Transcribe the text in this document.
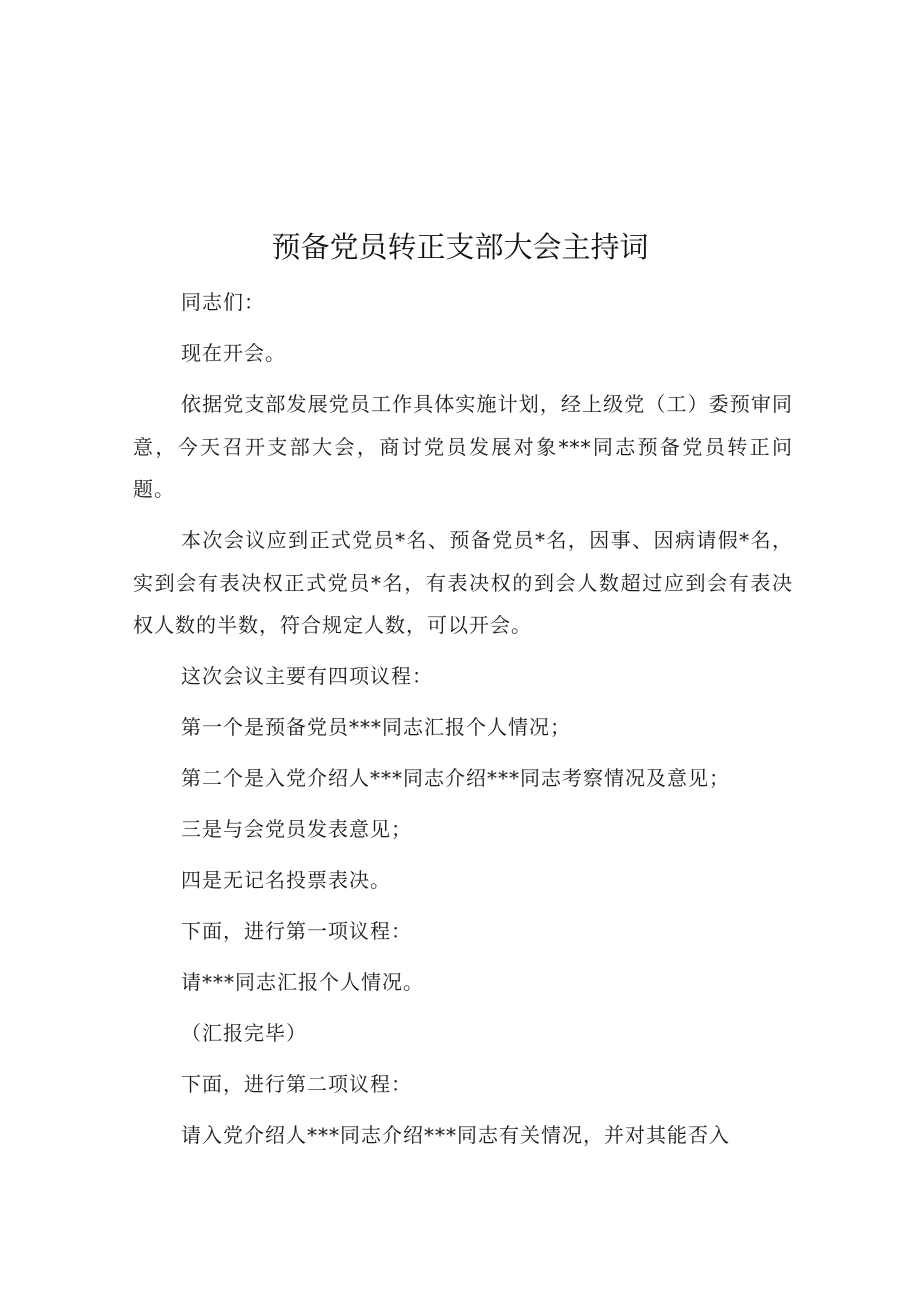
预备党员转正支部大会主持词

同志们：

现在开会。

依据党支部发展党员工作具体实施计划，经上级党（工）委预审同意，今天召开支部大会，商讨党员发展对象***同志预备党员转正问题。

本次会议应到正式党员*名、预备党员*名，因事、因病请假*名，实到会有表决权正式党员*名，有表决权的到会人数超过应到会有表决权人数的半数，符合规定人数，可以开会。

这次会议主要有四项议程：

第一个是预备党员***同志汇报个人情况；

第二个是入党介绍人***同志介绍***同志考察情况及意见；

三是与会党员发表意见；

四是无记名投票表决。

下面，进行第一项议程：

请***同志汇报个人情况。

（汇报完毕）

下面，进行第二项议程：

请入党介绍人***同志介绍***同志有关情况，并对其能否入
